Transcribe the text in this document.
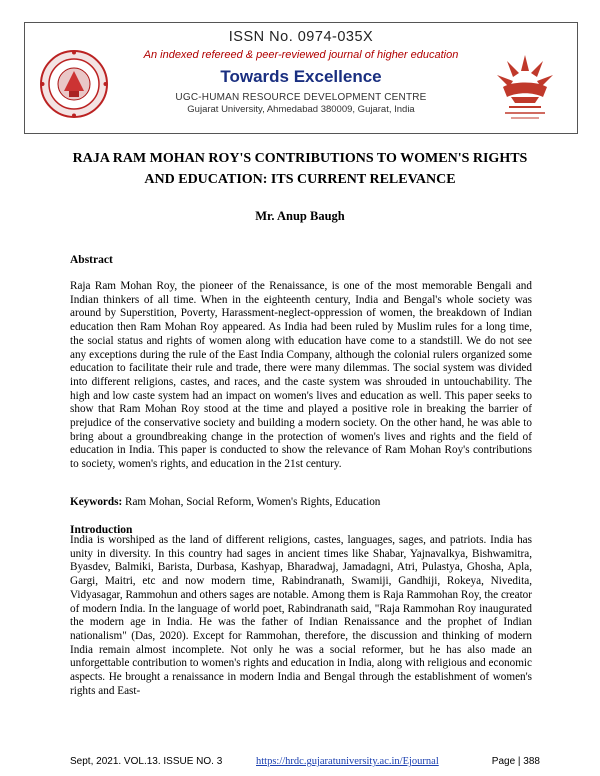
ISSN No. 0974-035X
An indexed refereed & peer-reviewed journal of higher education
Towards Excellence
UGC-HUMAN RESOURCE DEVELOPMENT CENTRE
Gujarat University, Ahmedabad 380009, Gujarat, India
RAJA RAM MOHAN ROY'S CONTRIBUTIONS TO WOMEN'S RIGHTS
AND EDUCATION: ITS CURRENT RELEVANCE
Mr. Anup Baugh
Abstract
Raja Ram Mohan Roy, the pioneer of the Renaissance, is one of the most memorable Bengali and Indian thinkers of all time. When in the eighteenth century, India and Bengal's whole society was around by Superstition, Poverty, Harassment-neglect-oppression of women, the breakdown of Indian education then Ram Mohan Roy appeared. As India had been ruled by Muslim rules for a long time, the social status and rights of women along with education have come to a standstill. We do not see any exceptions during the rule of the East India Company, although the colonial rulers organized some education to facilitate their rule and trade, there were many dilemmas. The social system was divided into different religions, castes, and races, and the caste system was shrouded in untouchability. The high and low caste system had an impact on women's lives and education as well. This paper seeks to show that Ram Mohan Roy stood at the time and played a positive role in breaking the barrier of prejudice of the conservative society and building a modern society. On the other hand, he was able to bring about a groundbreaking change in the protection of women's lives and rights and the field of education in India. This paper is conducted to show the relevance of Ram Mohan Roy's contributions to society, women's rights, and education in the 21st century.
Keywords: Ram Mohan, Social Reform, Women's Rights, Education
Introduction
India is worshiped as the land of different religions, castes, languages, sages, and patriots. India has unity in diversity. In this country had sages in ancient times like Shabar, Yajnavalkya, Bishwamitra, Byasdev, Balmiki, Barista, Durbasa, Kashyap, Bharadwaj, Jamadagni, Atri, Pulastya, Ghosha, Apla, Gargi, Maitri, etc and now modern time, Rabindranath, Swamiji, Gandhiji, Rokeya, Nivedita, Vidyasagar, Rammohun and others sages are notable. Among them is Raja Rammohan Roy, the creator of modern India. In the language of world poet, Rabindranath said, "Raja Rammohan Roy inaugurated the modern age in India. He was the father of Indian Renaissance and the prophet of Indian nationalism" (Das, 2020). Except for Rammohan, therefore, the discussion and thinking of modern India remain almost incomplete. Not only he was a social reformer, but he has also made an unforgettable contribution to women's rights and education in India, along with religious and economic aspects. He brought a renaissance in modern India and Bengal through the establishment of women's rights and East-
Sept, 2021. VOL.13. ISSUE NO. 3	https://hrdc.gujaratuniversity.ac.in/Ejournal	Page | 388
